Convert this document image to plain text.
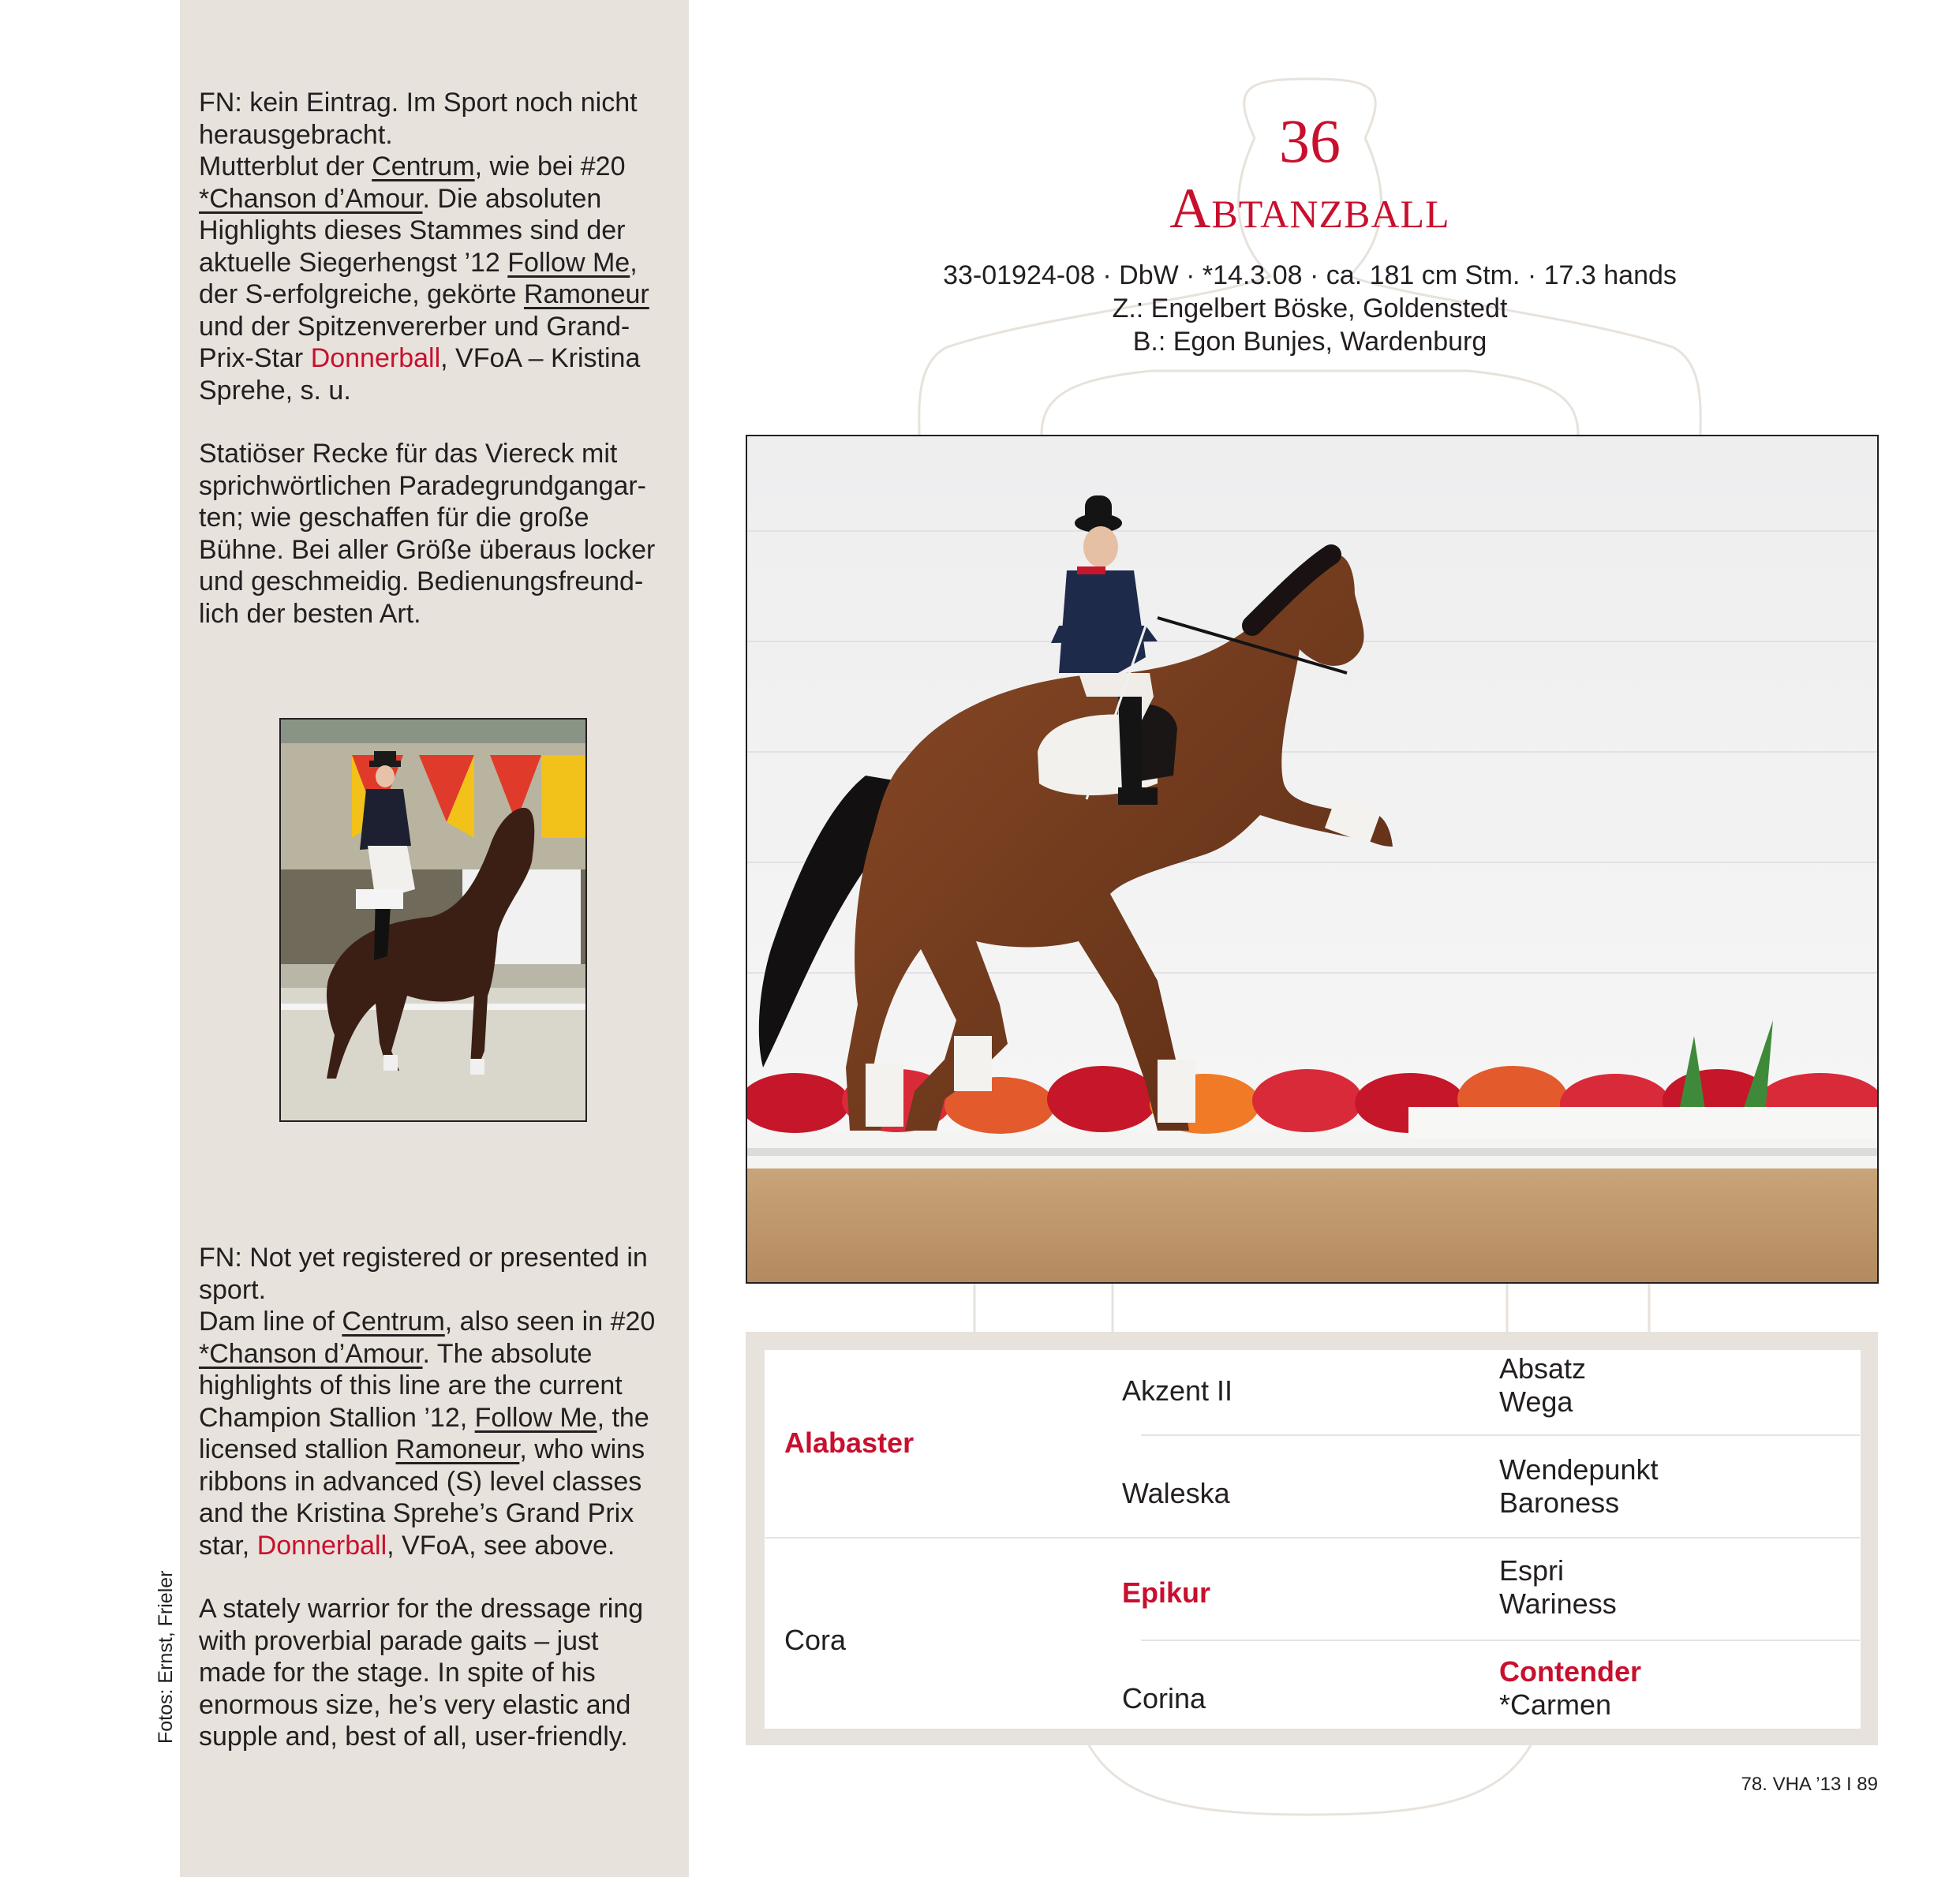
FN: kein Eintrag. Im Sport noch nicht
herausgebracht.

Mutterblut der Centrum, wie bei #20
*Chanson d’Amour. Die absoluten
Highlights dieses Stammes sind der
aktuelle Siegerhengst ’12 Follow Me,
der S-erfolgreiche, gekörte Ramoneur
und der Spitzenvererber und Grand-
Prix-Star Donnerball, VFoA – Kristina
Sprehe, s. u.

Statiöser Recke für das Viereck mit
sprichwörtlichen Paradegrundgangar-
ten; wie geschaffen für die große
Bühne. Bei aller Größe überaus locker
und geschmeidig. Bedienungsfreund-
lich der besten Art.

FN: Not yet registered or presented in
sport.

Dam line of Centrum, also seen in #20
*Chanson d’Amour. The absolute
highlights of this line are the current
Champion Stallion ’12, Follow Me, the
licensed stallion Ramoneur, who wins
ribbons in advanced (S) level classes
and the Kristina Sprehe’s Grand Prix
star, Donnerball, VFoA, see above.

A stately warrior for the dressage ring
with proverbial parade gaits – just
made for the stage. In spite of his
enormous size, he’s very elastic and
supple and, best of all, user-friendly.

Fotos: Ernst, Frieler
36
Abtanzball
33-01924-08 · DbW · *14.3.08 · ca. 181 cm Stm. · 17.3 hands
Z.: Engelbert Böske, Goldenstedt
B.: Egon Bunjes, Wardenburg
Alabaster
Cora
Akzent II
Waleska
Epikur
Corina
Absatz
Wega
Wendepunkt
Baroness
Espri
Wariness
Contender
*Carmen
78. VHA ’13 I 89
